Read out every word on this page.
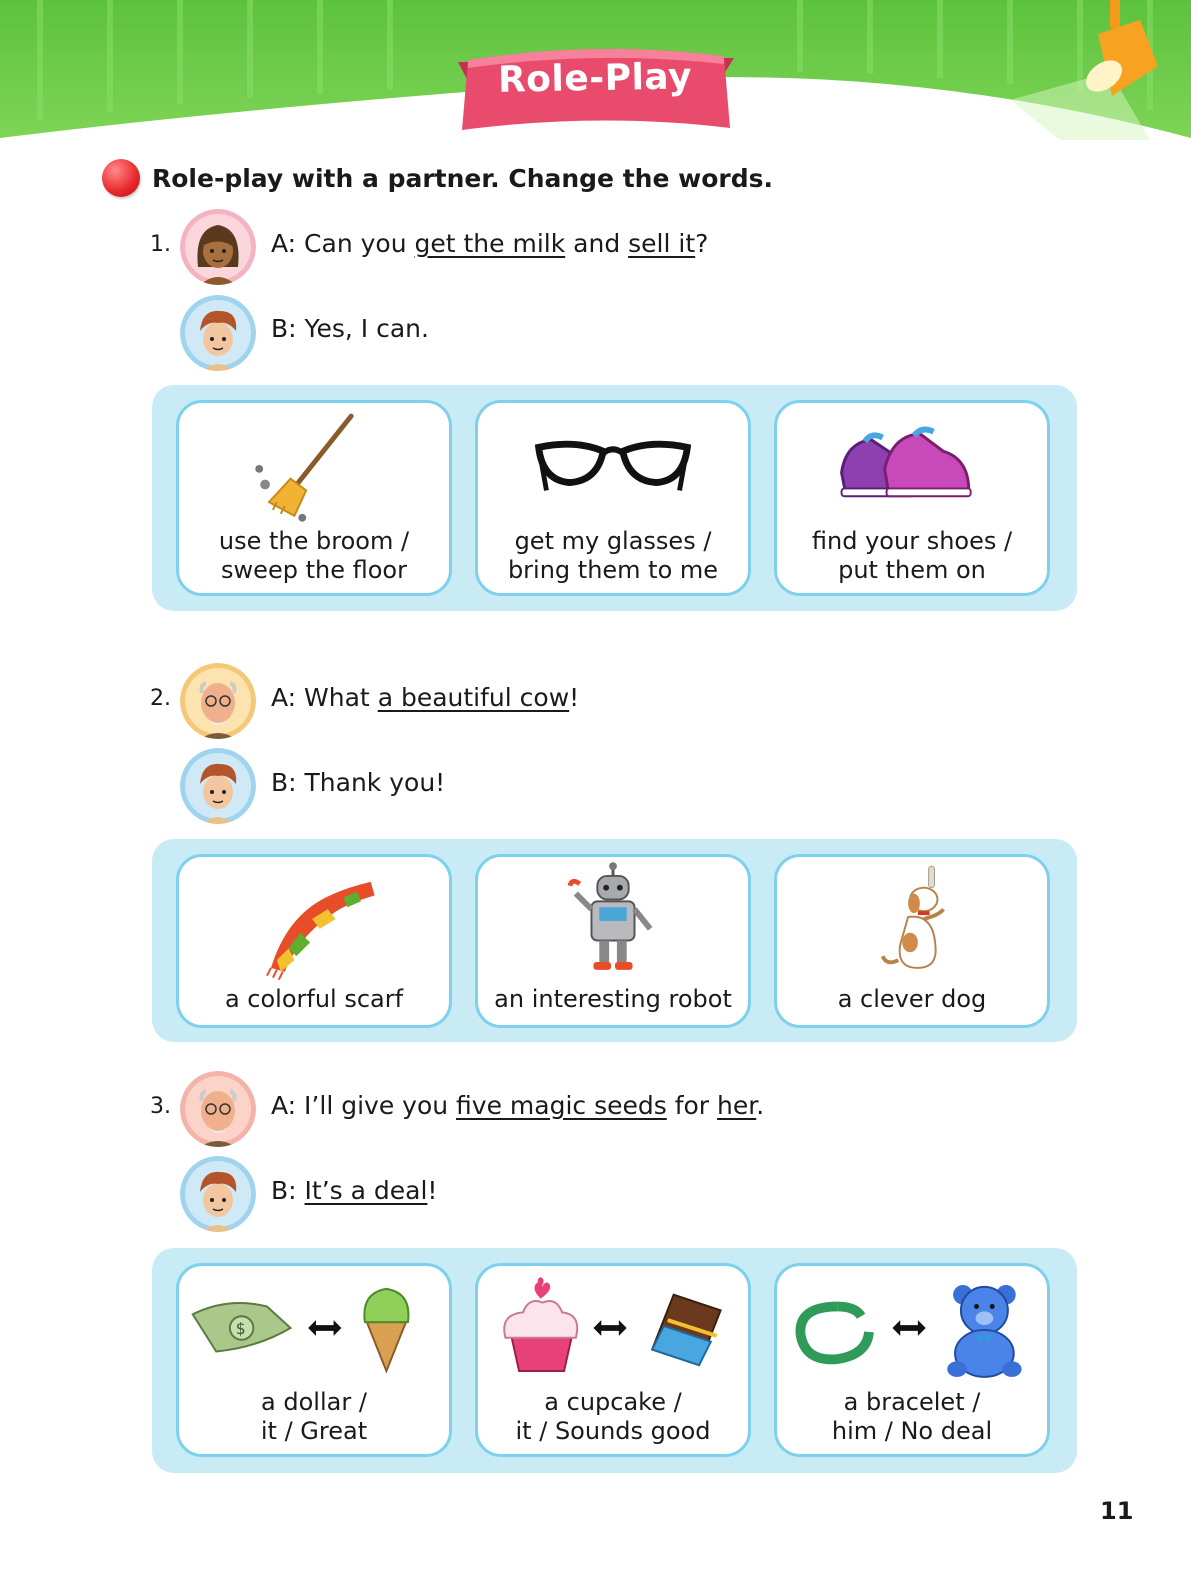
Role-Play
Role-play with a partner. Change the words.
1.	A: Can you get the milk and sell it?
B: Yes, I can.
use the broom /
sweep the floor
get my glasses /
bring them to me
find your shoes /
put them on
2.	A: What a beautiful cow!
B: Thank you!
a colorful scarf	an interesting robot	a clever dog
3.	A: I’ll give you five magic seeds for her.
B: It’s a deal!
$
a dollar /
it / Great
a cupcake /
it / Sounds good
a bracelet /
him / No deal
11
